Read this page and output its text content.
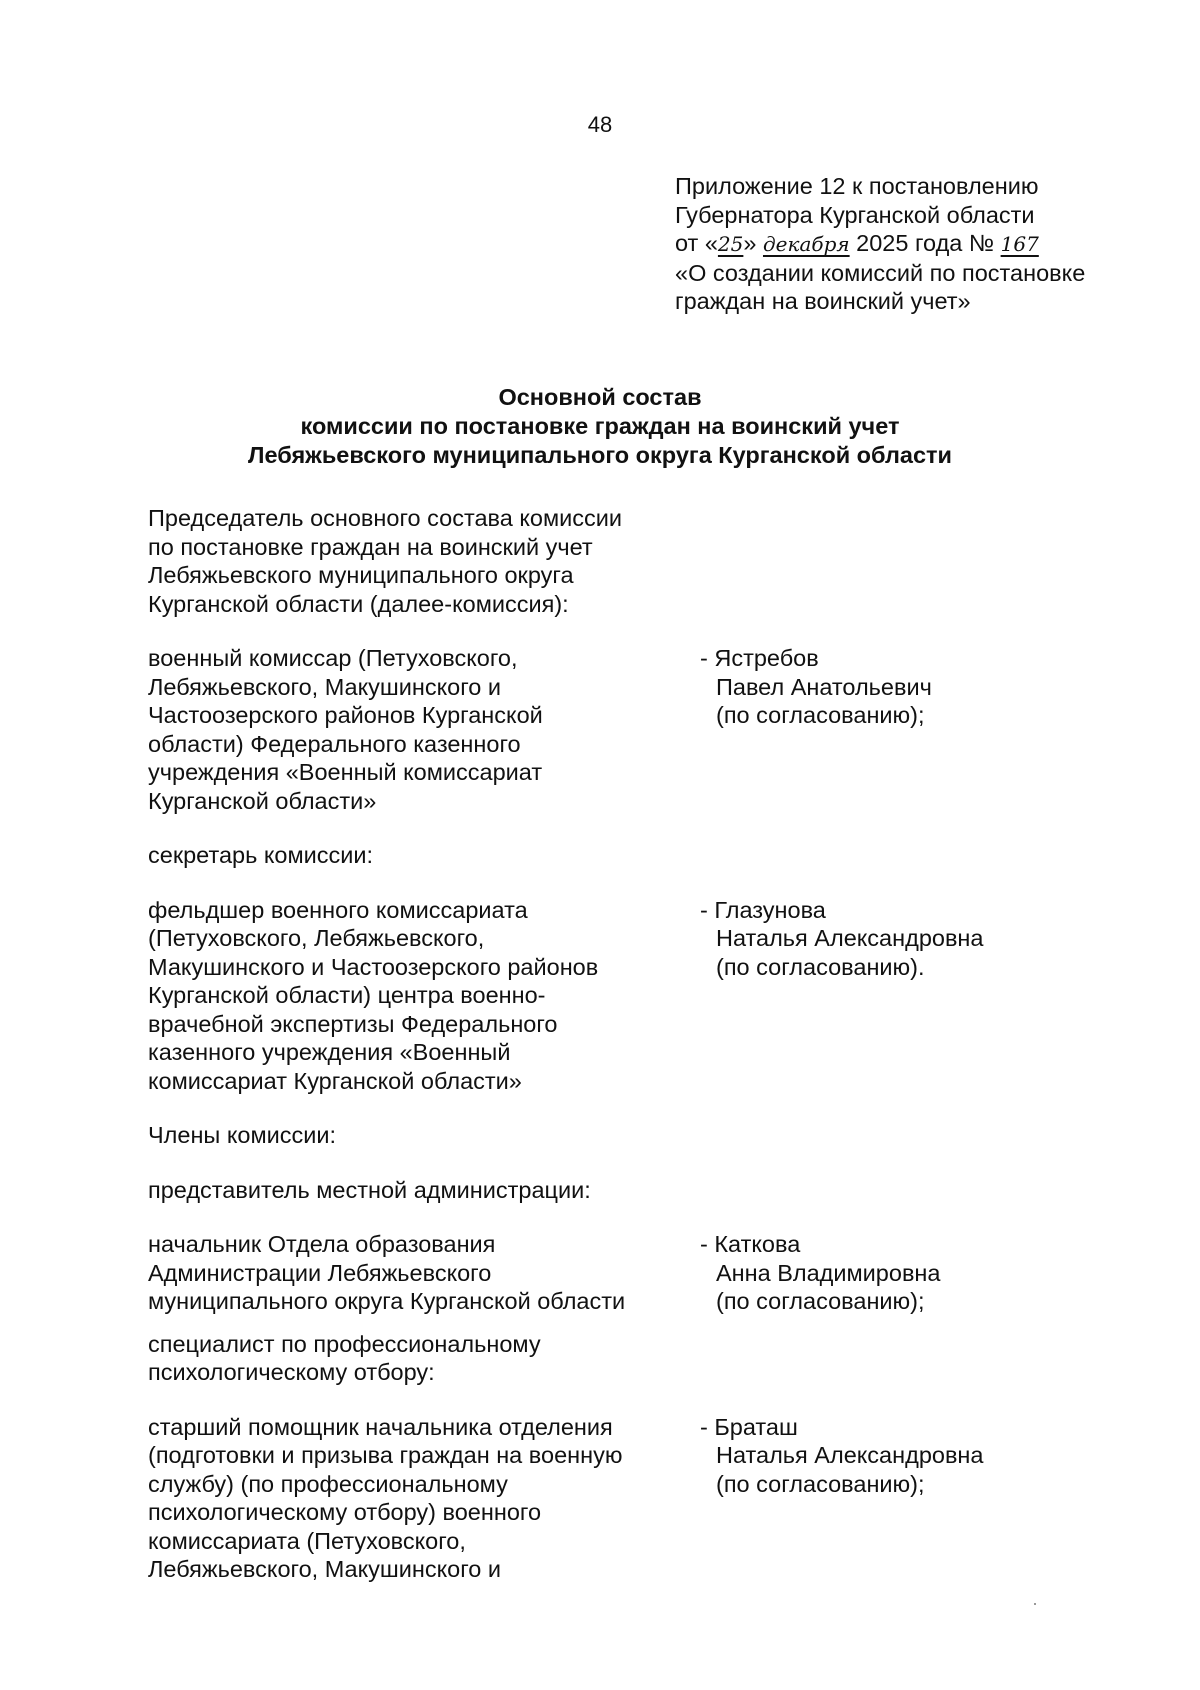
48
Приложение 12 к постановлению
Губернатора Курганской области
от «25» декабря 2025 года № 167
«О создании комиссий по постановке
граждан на воинский учет»
Основной состав
комиссии по постановке граждан на воинский учет
Лебяжьевского муниципального округа Курганской области
Председатель основного состава комиссии
по постановке граждан на воинский учет
Лебяжьевского муниципального округа
Курганской области (далее-комиссия):
военный комиссар (Петуховского,
Лебяжьевского, Макушинского и
Частоозерского районов Курганской
области) Федерального казенного
учреждения «Военный комиссариат
Курганской области»
- Ястребов
Павел Анатольевич
(по согласованию);
секретарь комиссии:
фельдшер военного комиссариата
(Петуховского, Лебяжьевского,
Макушинского и Частоозерского районов
Курганской области) центра военно-
врачебной экспертизы Федерального
казенного учреждения «Военный
комиссариат Курганской области»
- Глазунова
Наталья Александровна
(по согласованию).
Члены комиссии:
представитель местной администрации:
начальник Отдела образования
Администрации Лебяжьевского
муниципального округа Курганской области
- Каткова
Анна Владимировна
(по согласованию);
специалист по профессиональному
психологическому отбору:
старший помощник начальника отделения
(подготовки и призыва граждан на военную
службу) (по профессиональному
психологическому отбору) военного
комиссариата (Петуховского,
Лебяжьевского, Макушинского и
- Браташ
Наталья Александровна
(по согласованию);
